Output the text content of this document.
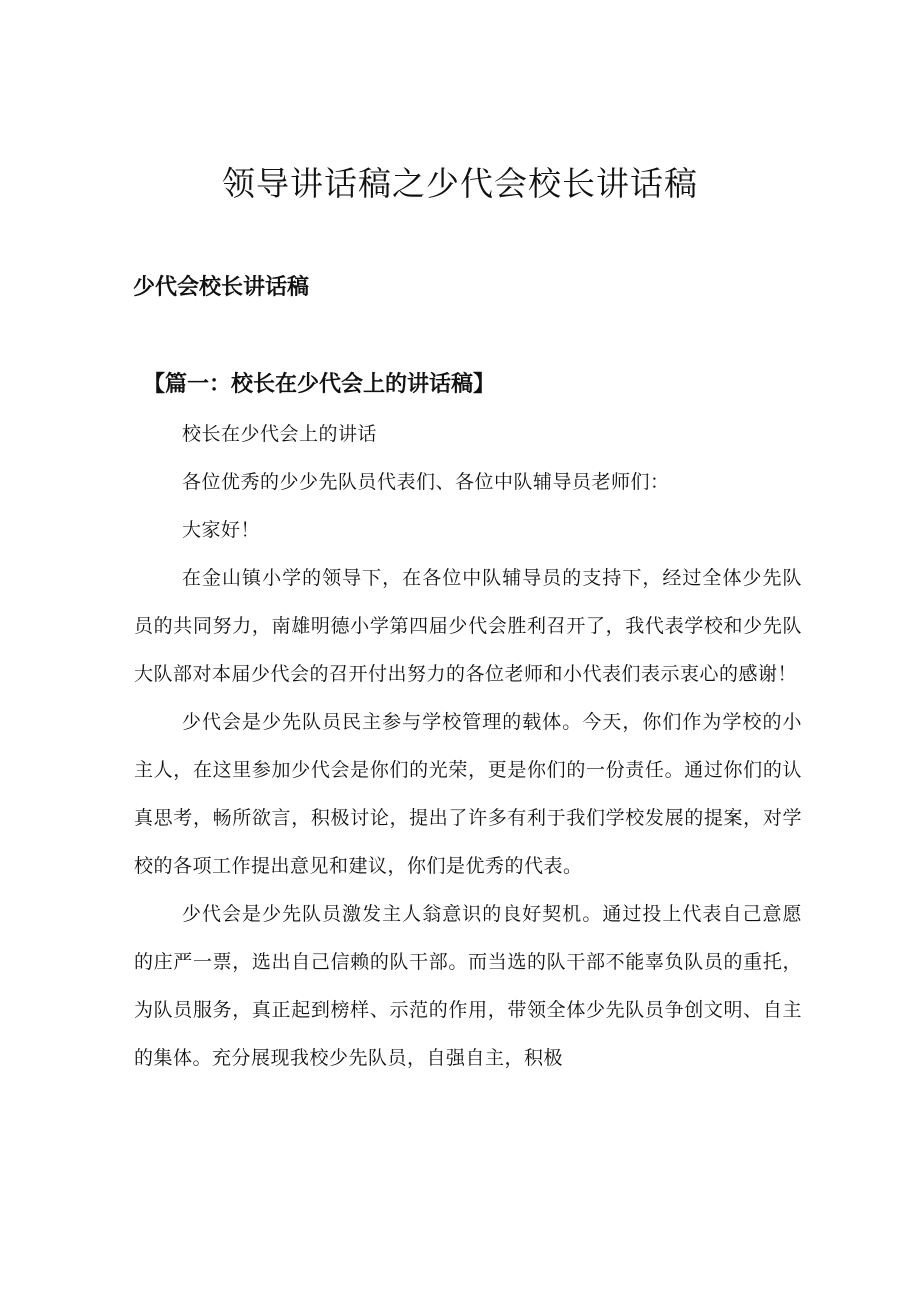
领导讲话稿之少代会校长讲话稿
少代会校长讲话稿
【篇一：校长在少代会上的讲话稿】

校长在少代会上的讲话

各位优秀的少少先队员代表们、各位中队辅导员老师们：

大家好！

在金山镇小学的领导下，在各位中队辅导员的支持下，经过全体少先队员的共同努力，南雄明德小学第四届少代会胜利召开了，我代表学校和少先队大队部对本届少代会的召开付出努力的各位老师和小代表们表示衷心的感谢！

少代会是少先队员民主参与学校管理的载体。今天，你们作为学校的小主人，在这里参加少代会是你们的光荣，更是你们的一份责任。通过你们的认真思考，畅所欲言，积极讨论，提出了许多有利于我们学校发展的提案，对学校的各项工作提出意见和建议，你们是优秀的代表。

少代会是少先队员激发主人翁意识的良好契机。通过投上代表自己意愿的庄严一票，选出自己信赖的队干部。而当选的队干部不能辜负队员的重托，为队员服务，真正起到榜样、示范的作用，带领全体少先队员争创文明、自主的集体。充分展现我校少先队员，自强自主，积极
